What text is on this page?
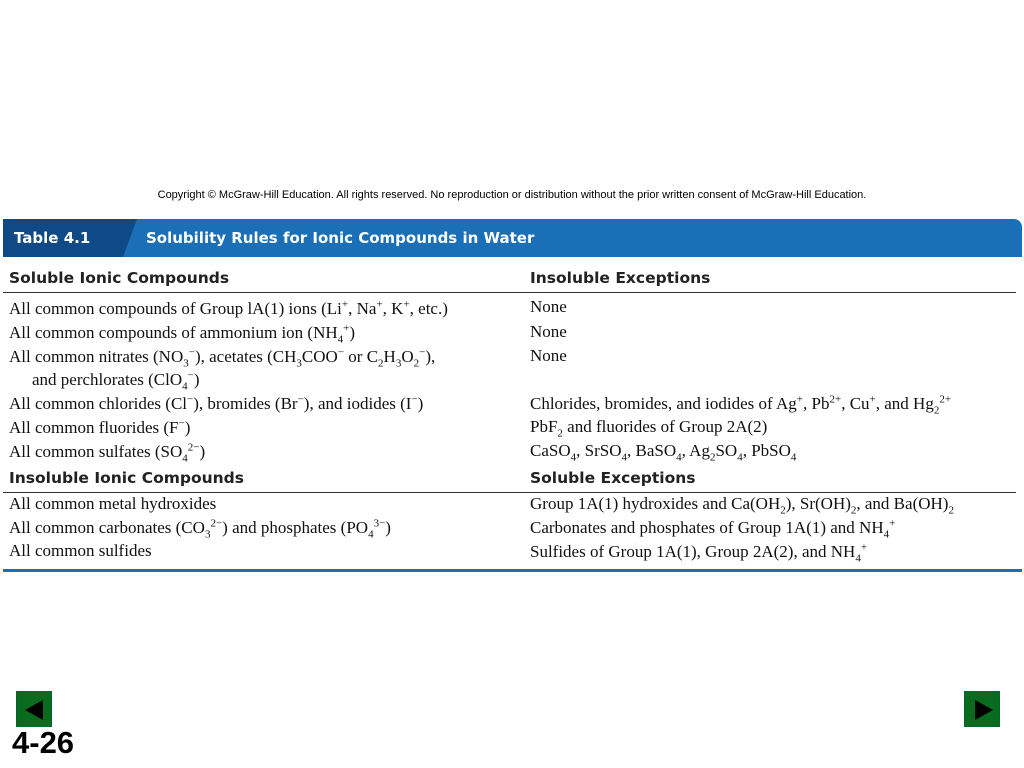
Copyright © McGraw-Hill Education. All rights reserved. No reproduction or distribution without the prior written consent of McGraw-Hill Education.
Table 4.1	Solubility Rules for Ionic Compounds in Water
Soluble Ionic Compounds	Insoluble Exceptions
All common compounds of Group lA(1) ions (Li+, Na+, K+, etc.)	None
All common compounds of ammonium ion $(NH_4^+)$	None
All common nitrates $(NO_3^-)$, acetates ($CH_3COO^-$ or $C_2H_3O_2^-$),	None
and perchlorates (ClO$_4$−)
All common chlorides (Cl−), bromides (Br−), and iodides (I−)	Chlorides, bromides, and iodides of Ag+, $Pb^{2+}$, Cu+, and $Hg_2^{2+}$
All common fluorides (F−)	PbF$_2$ and fluorides of Group 2A(2)
All common sulfates $(SO_4^{2-})$	CaSO$_4$, SrSO$_4$, BaSO$_4$, $Ag_2SO_4$, PbSO$_4$
Insoluble Ionic Compounds	Soluble Exceptions
All common metal hydroxides	Group 1A(1) hydroxides and $Ca(OH_2)$, $Sr(OH)_2$, and $Ba(OH)_2$
All common carbonates $(CO_3^{2-})$ and phosphates $(PO_4^{3-})$	Carbonates and phosphates of Group 1A(1) and $NH_4^+$
All common sulfides	Sulfides of Group 1A(1), Group 2A(2), and $NH_4^+$
4-26
